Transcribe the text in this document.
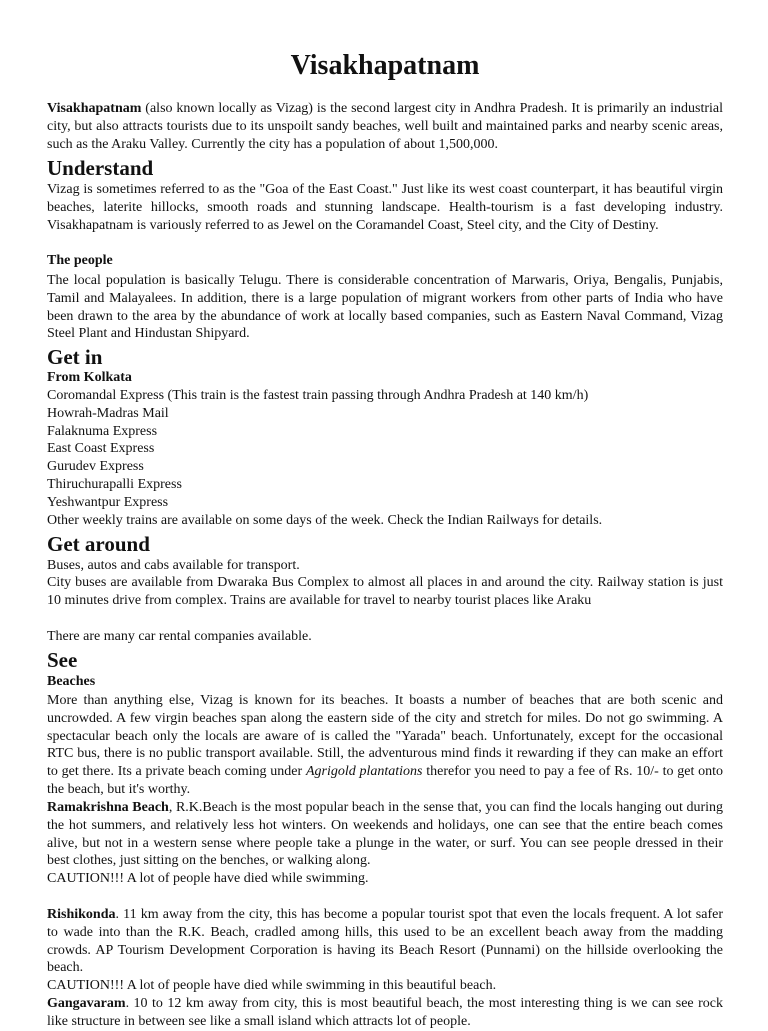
Visakhapatnam
Visakhapatnam (also known locally as Vizag) is the second largest city in Andhra Pradesh. It is primarily an industrial city, but also attracts tourists due to its unspoilt sandy beaches, well built and maintained parks and nearby scenic areas, such as the Araku Valley. Currently the city has a population of about 1,500,000.
Understand
Vizag is sometimes referred to as the "Goa of the East Coast." Just like its west coast counterpart, it has beautiful virgin beaches, laterite hillocks, smooth roads and stunning landscape. Health-tourism is a fast developing industry. Visakhapatnam is variously referred to as Jewel on the Coramandel Coast, Steel city, and the City of Destiny.
The people
The local population is basically Telugu. There is considerable concentration of Marwaris, Oriya, Bengalis, Punjabis, Tamil and Malayalees. In addition, there is a large population of migrant workers from other parts of India who have been drawn to the area by the abundance of work at locally based companies, such as Eastern Naval Command, Vizag Steel Plant and Hindustan Shipyard.
Get in
From Kolkata
Coromandal Express (This train is the fastest train passing through Andhra Pradesh at 140 km/h)
Howrah-Madras Mail
Falaknuma Express
East Coast Express
Gurudev Express
Thiruchurapalli Express
Yeshwantpur Express
Other weekly trains are available on some days of the week. Check the Indian Railways for details.
Get around
Buses, autos and cabs available for transport.
City buses are available from Dwaraka Bus Complex to almost all places in and around the city. Railway station is just 10 minutes drive from complex. Trains are available for travel to nearby tourist places like Araku
There are many car rental companies available.
See
Beaches
More than anything else, Vizag is known for its beaches. It boasts a number of beaches that are both scenic and uncrowded. A few virgin beaches span along the eastern side of the city and stretch for miles. Do not go swimming. A spectacular beach only the locals are aware of is called the "Yarada" beach. Unfortunately, except for the occasional RTC bus, there is no public transport available. Still, the adventurous mind finds it rewarding if they can make an effort to get there. Its a private beach coming under Agrigold plantations therefor you need to pay a fee of Rs. 10/- to get onto the beach, but it's worthy.
Ramakrishna Beach, R.K.Beach is the most popular beach in the sense that, you can find the locals hanging out during the hot summers, and relatively less hot winters. On weekends and holidays, one can see that the entire beach comes alive, but not in a western sense where people take a plunge in the water, or surf. You can see people dressed in their best clothes, just sitting on the benches, or walking along.
CAUTION!!! A lot of people have died while swimming.
Rishikonda. 11 km away from the city, this has become a popular tourist spot that even the locals frequent. A lot safer to wade into than the R.K. Beach, cradled among hills, this used to be an excellent beach away from the madding crowds. AP Tourism Development Corporation is having its Beach Resort (Punnami) on the hillside overlooking the beach.
CAUTION!!! A lot of people have died while swimming in this beautiful beach.
Gangavaram. 10 to 12 km away from city, this is most beautiful beach, the most interesting thing is we can see rock like structure in between see like a small island which attracts lot of people.
